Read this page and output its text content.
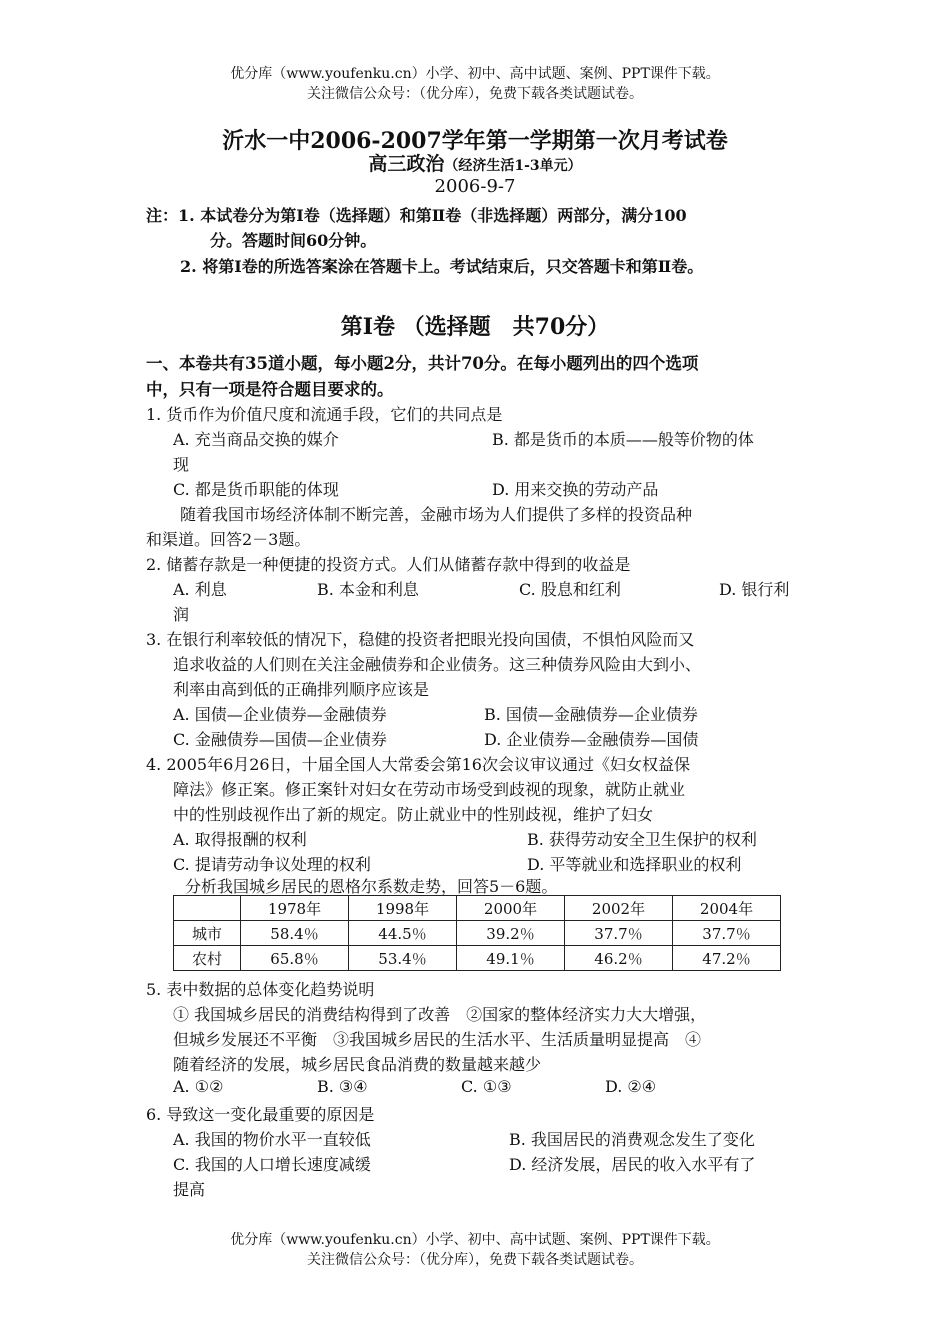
优分库（www.youfenku.cn）小学、初中、高中试题、案例、PPT课件下载。
关注微信公众号：（优分库），免费下载各类试题试卷。
沂水一中2006-2007学年第一学期第一次月考试卷
高三政治（经济生活1-3单元）
2006-9-7
注：1. 本试卷分为第Ⅰ卷（选择题）和第Ⅱ卷（非选择题）两部分，满分100
分。答题时间60分钟。
2. 将第Ⅰ卷的所选答案涂在答题卡上。考试结束后，只交答题卡和第Ⅱ卷。
第Ⅰ卷 （选择题　共70分）
一、本卷共有35道小题，每小题2分，共计70分。在每小题列出的四个选项
中，只有一项是符合题目要求的。
1. 货币作为价值尺度和流通手段，它们的共同点是
A. 充当商品交换的媒介	B. 都是货币的本质——般等价物的体
现
C. 都是货币职能的体现	D. 用来交换的劳动产品
随着我国市场经济体制不断完善，金融市场为人们提供了多样的投资品种
和渠道。回答2－3题。
2. 储蓄存款是一种便捷的投资方式。人们从储蓄存款中得到的收益是
A. 利息	B. 本金和利息	C. 股息和红利	D. 银行利
润
3. 在银行利率较低的情况下，稳健的投资者把眼光投向国债，不惧怕风险而又
追求收益的人们则在关注金融债券和企业债务。这三种债券风险由大到小、
利率由高到低的正确排列顺序应该是
A. 国债—企业债券—金融债券	B. 国债—金融债券—企业债券
C. 金融债券—国债—企业债券	D. 企业债券—金融债券—国债
4. 2005年6月26日，十届全国人大常委会第16次会议审议通过《妇女权益保
障法》修正案。修正案针对妇女在劳动市场受到歧视的现象，就防止就业
中的性别歧视作出了新的规定。防止就业中的性别歧视，维护了妇女
A. 取得报酬的权利	B. 获得劳动安全卫生保护的权利
C. 提请劳动争议处理的权利	D. 平等就业和选择职业的权利
分析我国城乡居民的恩格尔系数走势，回答5－6题。
	1978年	1998年	2000年	2002年	2004年
城市	58.4％	44.5％	39.2％	37.7％	37.7％
农村	65.8％	53.4％	49.1％	46.2％	47.2％
5. 表中数据的总体变化趋势说明
① 我国城乡居民的消费结构得到了改善　②国家的整体经济实力大大增强，
但城乡发展还不平衡　③我国城乡居民的生活水平、生活质量明显提高　④
随着经济的发展，城乡居民食品消费的数量越来越少
A. ①②	B. ③④	C. ①③	D. ②④
6. 导致这一变化最重要的原因是
A. 我国的物价水平一直较低	B. 我国居民的消费观念发生了变化
C. 我国的人口增长速度减缓	D. 经济发展，居民的收入水平有了
提高
优分库（www.youfenku.cn）小学、初中、高中试题、案例、PPT课件下载。
关注微信公众号：（优分库），免费下载各类试题试卷。
